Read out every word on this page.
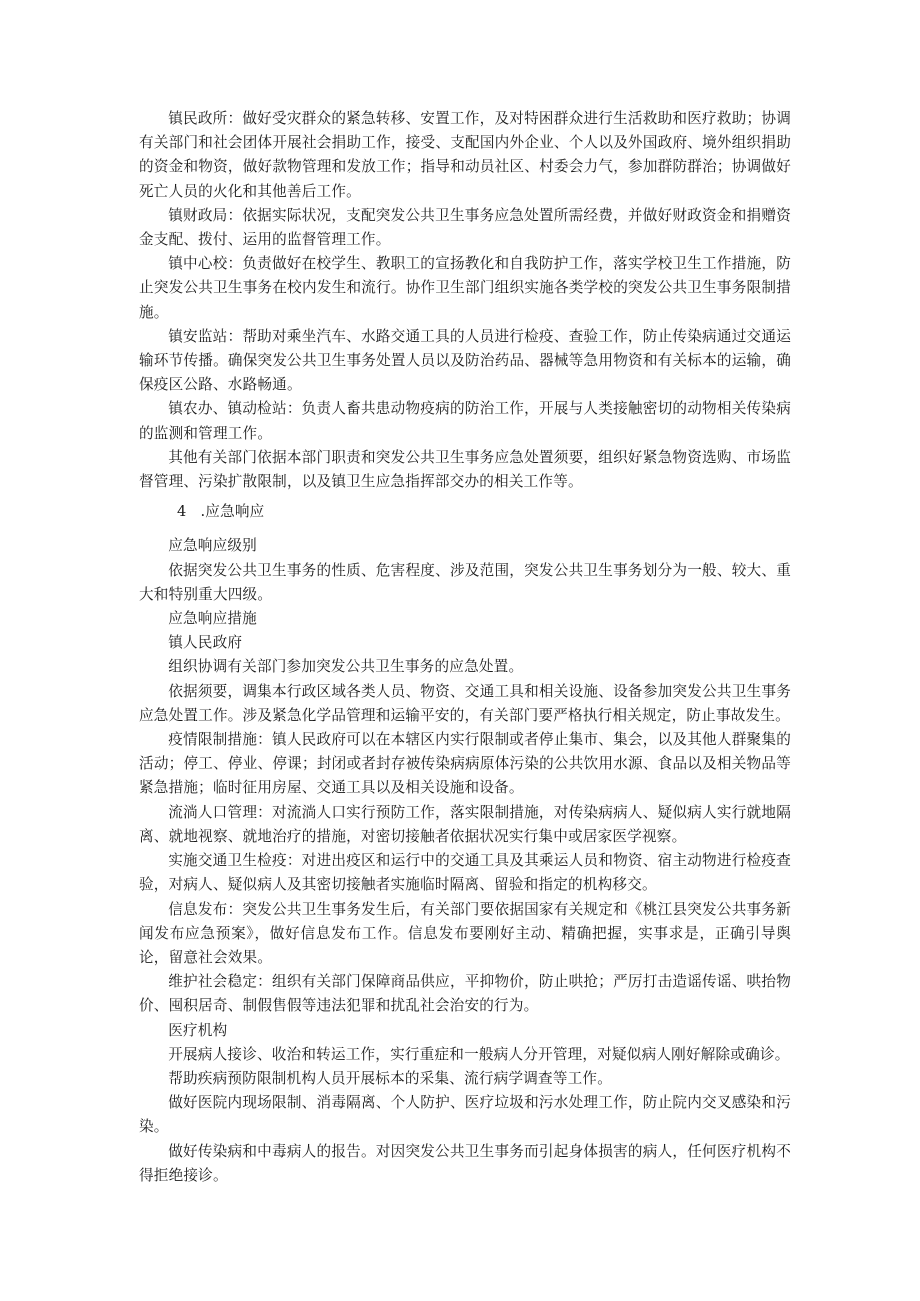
镇民政所：做好受灾群众的紧急转移、安置工作，及对特困群众进行生活救助和医疗救助；协调有关部门和社会团体开展社会捐助工作，接受、支配国内外企业、个人以及外国政府、境外组织捐助的资金和物资，做好款物管理和发放工作；指导和动员社区、村委会力气，参加群防群治；协调做好死亡人员的火化和其他善后工作。

镇财政局：依据实际状况，支配突发公共卫生事务应急处置所需经费，并做好财政资金和捐赠资金支配、拨付、运用的监督管理工作。

镇中心校：负责做好在校学生、教职工的宣扬教化和自我防护工作，落实学校卫生工作措施，防止突发公共卫生事务在校内发生和流行。协作卫生部门组织实施各类学校的突发公共卫生事务限制措施。

镇安监站：帮助对乘坐汽车、水路交通工具的人员进行检疫、查验工作，防止传染病通过交通运输环节传播。确保突发公共卫生事务处置人员以及防治药品、器械等急用物资和有关标本的运输，确保疫区公路、水路畅通。

镇农办、镇动检站：负责人畜共患动物疫病的防治工作，开展与人类接触密切的动物相关传染病的监测和管理工作。

其他有关部门依据本部门职责和突发公共卫生事务应急处置须要，组织好紧急物资选购、市场监督管理、污染扩散限制，以及镇卫生应急指挥部交办的相关工作等。

4 .应急响应

应急响应级别

依据突发公共卫生事务的性质、危害程度、涉及范围，突发公共卫生事务划分为一般、较大、重大和特别重大四级。

应急响应措施

镇人民政府

组织协调有关部门参加突发公共卫生事务的应急处置。

依据须要，调集本行政区域各类人员、物资、交通工具和相关设施、设备参加突发公共卫生事务应急处置工作。涉及紧急化学品管理和运输平安的，有关部门要严格执行相关规定，防止事故发生。

疫情限制措施：镇人民政府可以在本辖区内实行限制或者停止集市、集会，以及其他人群聚集的活动；停工、停业、停课；封闭或者封存被传染病病原体污染的公共饮用水源、食品以及相关物品等紧急措施；临时征用房屋、交通工具以及相关设施和设备。

流淌人口管理：对流淌人口实行预防工作，落实限制措施，对传染病病人、疑似病人实行就地隔离、就地视察、就地治疗的措施，对密切接触者依据状况实行集中或居家医学视察。

实施交通卫生检疫：对进出疫区和运行中的交通工具及其乘运人员和物资、宿主动物进行检疫查验，对病人、疑似病人及其密切接触者实施临时隔离、留验和指定的机构移交。

信息发布：突发公共卫生事务发生后，有关部门要依据国家有关规定和《桃江县突发公共事务新闻发布应急预案》，做好信息发布工作。信息发布要刚好主动、精确把握，实事求是，正确引导舆论，留意社会效果。

维护社会稳定：组织有关部门保障商品供应，平抑物价，防止哄抢；严厉打击造谣传谣、哄抬物价、囤积居奇、制假售假等违法犯罪和扰乱社会治安的行为。

医疗机构

开展病人接诊、收治和转运工作，实行重症和一般病人分开管理，对疑似病人刚好解除或确诊。

帮助疾病预防限制机构人员开展标本的采集、流行病学调查等工作。

做好医院内现场限制、消毒隔离、个人防护、医疗垃圾和污水处理工作，防止院内交叉感染和污染。

做好传染病和中毒病人的报告。对因突发公共卫生事务而引起身体损害的病人，任何医疗机构不得拒绝接诊。
